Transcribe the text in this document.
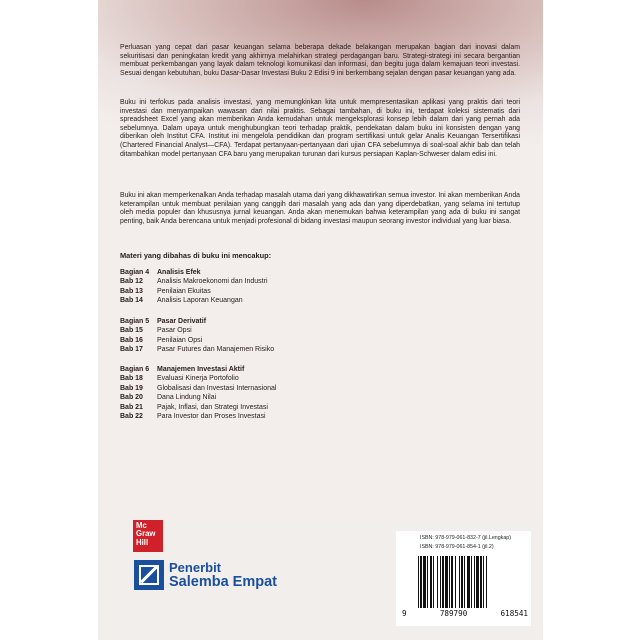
Perluasan yang cepat dari pasar keuangan selama beberapa dekade belakangan merupakan bagian dari inovasi dalam sekuritisasi dan peningkatan kredit yang akhirnya melahirkan strategi perdagangan baru. Strategi-strategi ini secara bergantian membuat perkembangan yang layak dalam teknologi komunikasi dan informasi, dan begitu juga dalam kemajuan teori investasi. Sesuai dengan kebutuhan, buku Dasar-Dasar Investasi Buku 2 Edisi 9 ini berkembang sejalan dengan pasar keuangan yang ada.

Buku ini terfokus pada analisis investasi, yang memungkinkan kita untuk mempresentasikan aplikasi yang praktis dari teori investasi dan menyampaikan wawasan dari nilai praktis. Sebagai tambahan, di buku ini, terdapat koleksi sistematis dari spreadsheet Excel yang akan memberikan Anda kemudahan untuk mengeksplorasi konsep lebih dalam dari yang pernah ada sebelumnya. Dalam upaya untuk menghubungkan teori terhadap praktik, pendekatan dalam buku ini konsisten dengan yang diberikan oleh Institut CFA. Institut ini mengelola pendidikan dan program sertifikasi untuk gelar Analis Keuangan Tersertifikasi (Chartered Financial Analyst—CFA). Terdapat pertanyaan-pertanyaan dari ujian CFA sebelumnya di soal-soal akhir bab dan telah ditambahkan model pertanyaan CFA baru yang merupakan turunan dari kursus persiapan Kaplan-Schweser dalam edisi ini.

Buku ini akan memperkenalkan Anda terhadap masalah utama dari yang dikhawatirkan semua investor. Ini akan memberikan Anda keterampilan untuk membuat penilaian yang canggih dari masalah yang ada dan yang diperdebatkan, yang selama ini tertutup oleh media populer dan khususnya jurnal keuangan. Anda akan menemukan bahwa keterampilan yang ada di buku ini sangat penting, baik Anda berencana untuk menjadi profesional di bidang investasi maupun seorang investor individual yang luar biasa.

Materi yang dibahas di buku ini mencakup:

Bagian 4	Analisis Efek
Bab 12	Analisis Makroekonomi dan Industri
Bab 13	Penilaian Ekuitas
Bab 14	Analisis Laporan Keuangan
Bagian 5	Pasar Derivatif
Bab 15	Pasar Opsi
Bab 16	Penilaian Opsi
Bab 17	Pasar Futures dan Manajemen Risiko
Bagian 6	Manajemen Investasi Aktif
Bab 18	Evaluasi Kinerja Portofolio
Bab 19	Globalisasi dan Investasi Internasional
Bab 20	Dana Lindung Nilai
Bab 21	Pajak, Inflasi, dan Strategi Investasi
Bab 22	Para Investor dan Proses Investasi
Mc
Graw
Hill
Penerbit
Salemba Empat
ISBN: 978-979-061-832-7 (jil.Lengkap)
ISBN: 978-979-061-854-1 (jil.2)
9	789790	618541
